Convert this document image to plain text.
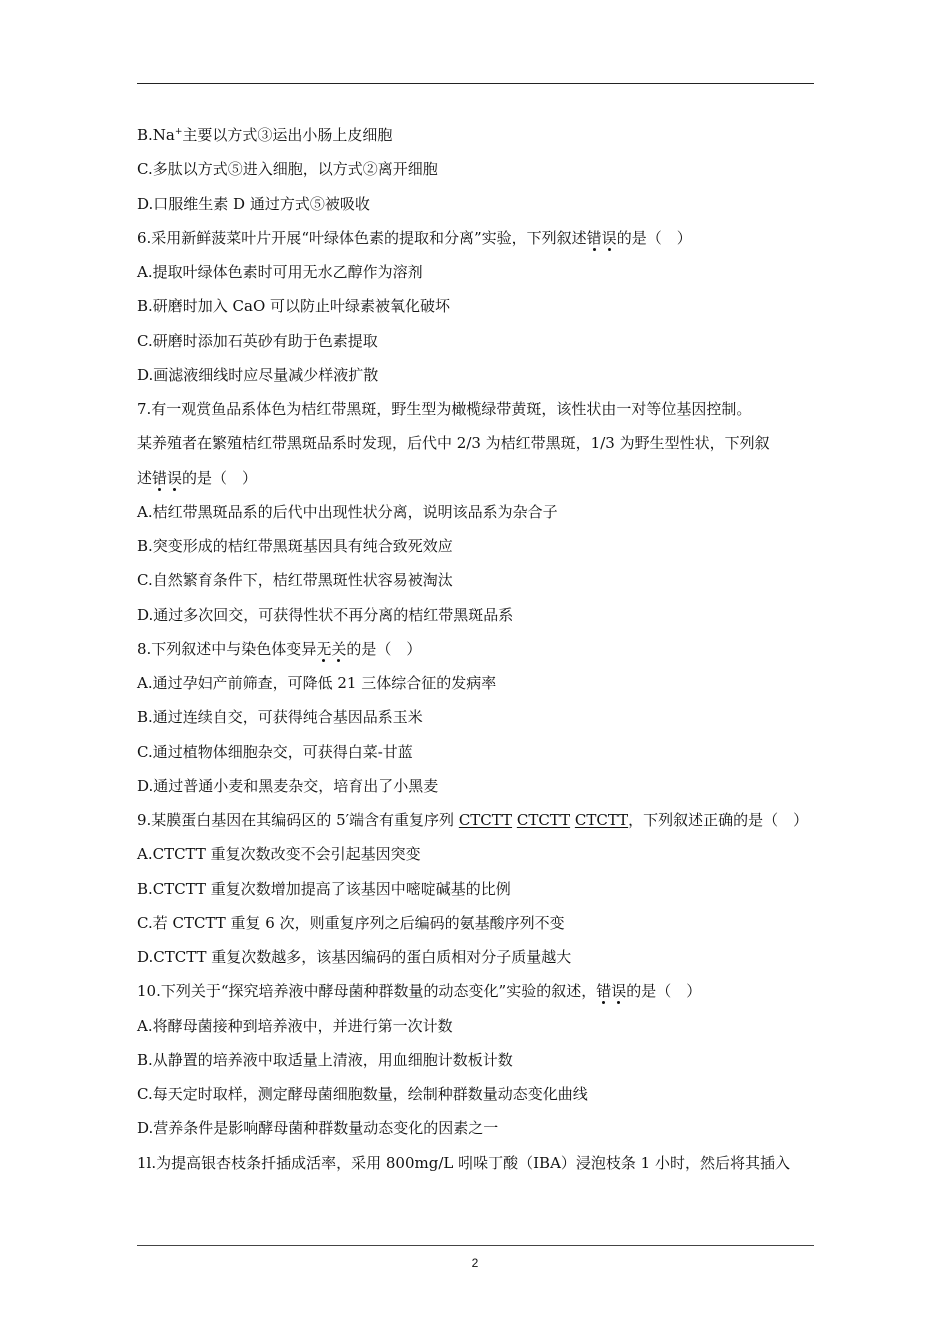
B.Na+主要以方式③运出小肠上皮细胞
C.多肽以方式⑤进入细胞，以方式②离开细胞
D.口服维生素 D 通过方式⑤被吸收
6.采用新鲜菠菜叶片开展“叶绿体色素的提取和分离”实验，下列叙述错误的是（　）
A.提取叶绿体色素时可用无水乙醇作为溶剂
B.研磨时加入 CaO 可以防止叶绿素被氧化破坏
C.研磨时添加石英砂有助于色素提取
D.画滤液细线时应尽量减少样液扩散
7.有一观赏鱼品系体色为桔红带黑斑，野生型为橄榄绿带黄斑，该性状由一对等位基因控制。
某养殖者在繁殖桔红带黑斑品系时发现，后代中 2/3 为桔红带黑斑，1/3 为野生型性状，下列叙
述错误的是（　）
A.桔红带黑斑品系的后代中出现性状分离，说明该品系为杂合子
B.突变形成的桔红带黑斑基因具有纯合致死效应
C.自然繁育条件下，桔红带黑斑性状容易被淘汰
D.通过多次回交，可获得性状不再分离的桔红带黑斑品系
8.下列叙述中与染色体变异无关的是（　）
A.通过孕妇产前筛查，可降低 21 三体综合征的发病率
B.通过连续自交，可获得纯合基因品系玉米
C.通过植物体细胞杂交，可获得白菜-甘蓝
D.通过普通小麦和黑麦杂交，培育出了小黑麦
9.某膜蛋白基因在其编码区的 5′端含有重复序列 CTCTT CTCTT CTCTT，下列叙述正确的是（　）
A.CTCTT 重复次数改变不会引起基因突变
B.CTCTT 重复次数增加提高了该基因中嘧啶碱基的比例
C.若 CTCTT 重复 6 次，则重复序列之后编码的氨基酸序列不变
D.CTCTT 重复次数越多，该基因编码的蛋白质相对分子质量越大
10.下列关于“探究培养液中酵母菌种群数量的动态变化”实验的叙述，错误的是（　）
A.将酵母菌接种到培养液中，并进行第一次计数
B.从静置的培养液中取适量上清液，用血细胞计数板计数
C.每天定时取样，测定酵母菌细胞数量，绘制种群数量动态变化曲线
D.营养条件是影响酵母菌种群数量动态变化的因素之一
1l.为提高银杏枝条扦插成活率，采用 800mg/L 吲哚丁酸（IBA）浸泡枝条 1 小时，然后将其插入
2
